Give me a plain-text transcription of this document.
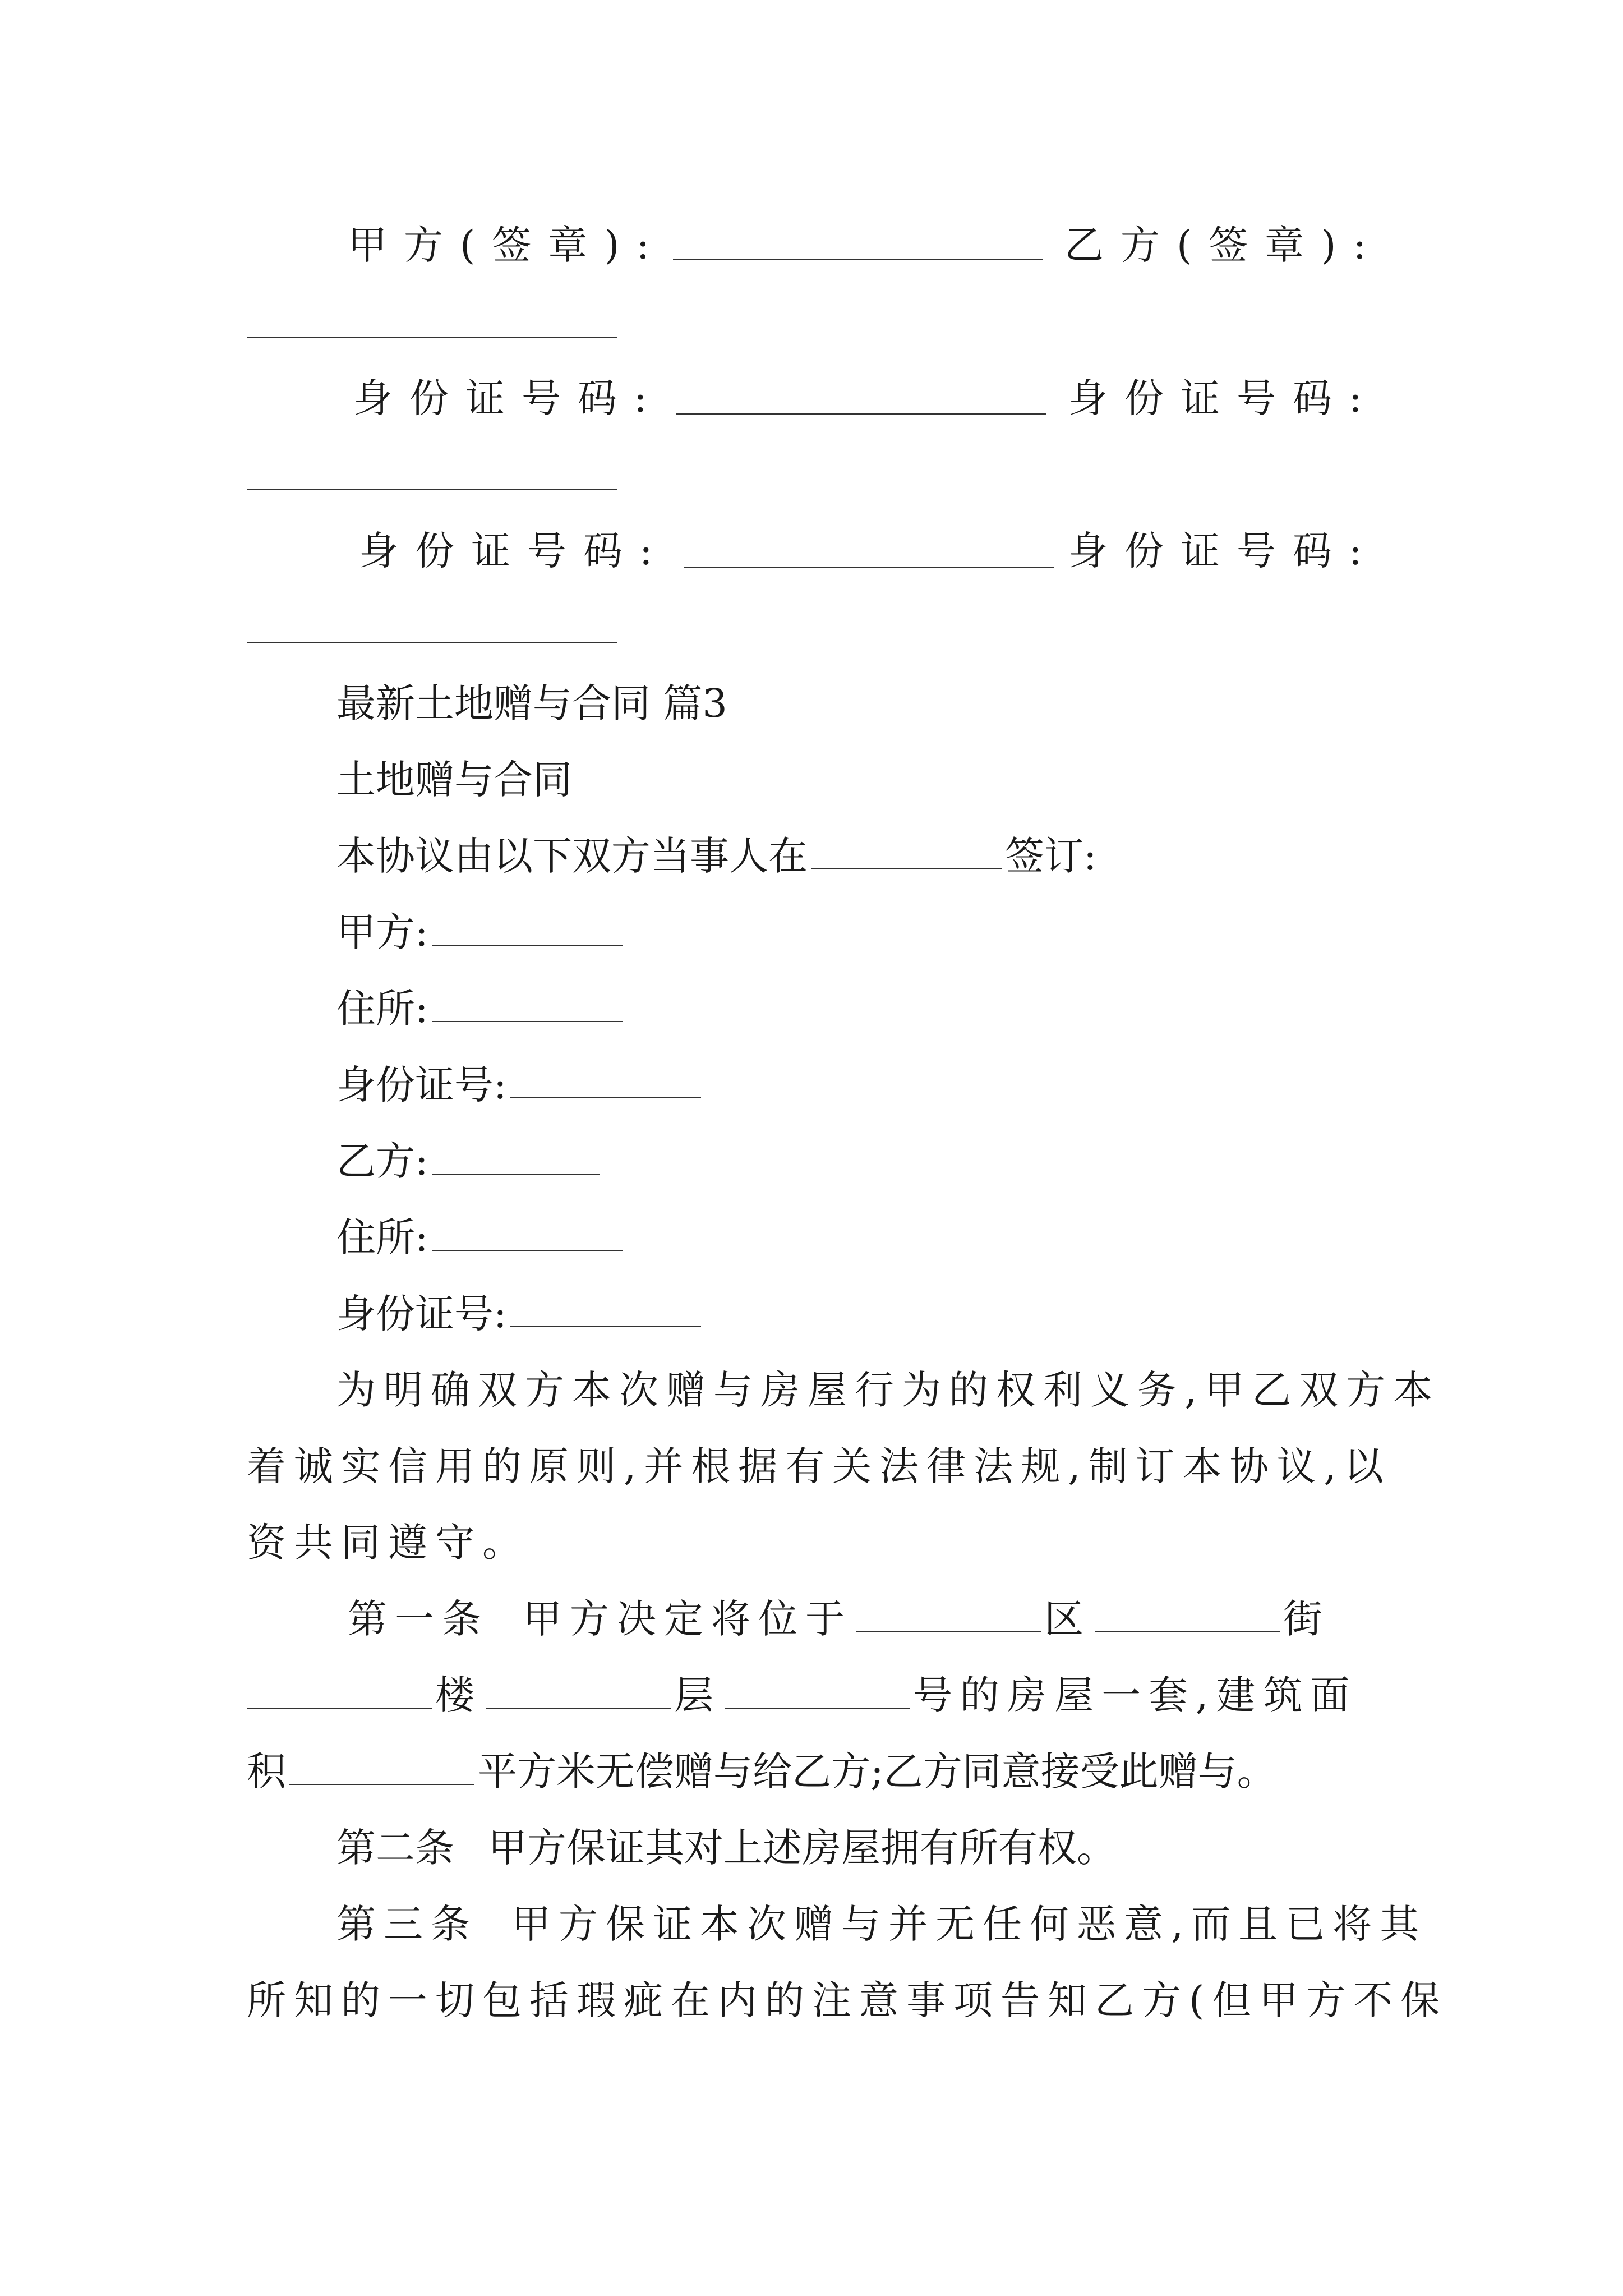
甲方(签章):	乙方(签章):
身份证号码:	身份证号码:
身份证号码:	身份证号码:
最新土地赠与合同 篇3
土地赠与合同
本协议由以下双方当事人在	签订:
甲方:
住所:
身份证号:
乙方:
住所:
身份证号:
为明确双方本次赠与房屋行为的权利义务,甲乙双方本
着诚实信用的原则,并根据有关法律法规,制订本协议,以
资共同遵守。
第一条 甲方决定将位于	区	街
楼	层	号的房屋一套,建筑面
积	平方米无偿赠与给乙方;乙方同意接受此赠与。
第二条 甲方保证其对上述房屋拥有所有权。
第三条 甲方保证本次赠与并无任何恶意,而且已将其
所知的一切包括瑕疵在内的注意事项告知乙方(但甲方不保
